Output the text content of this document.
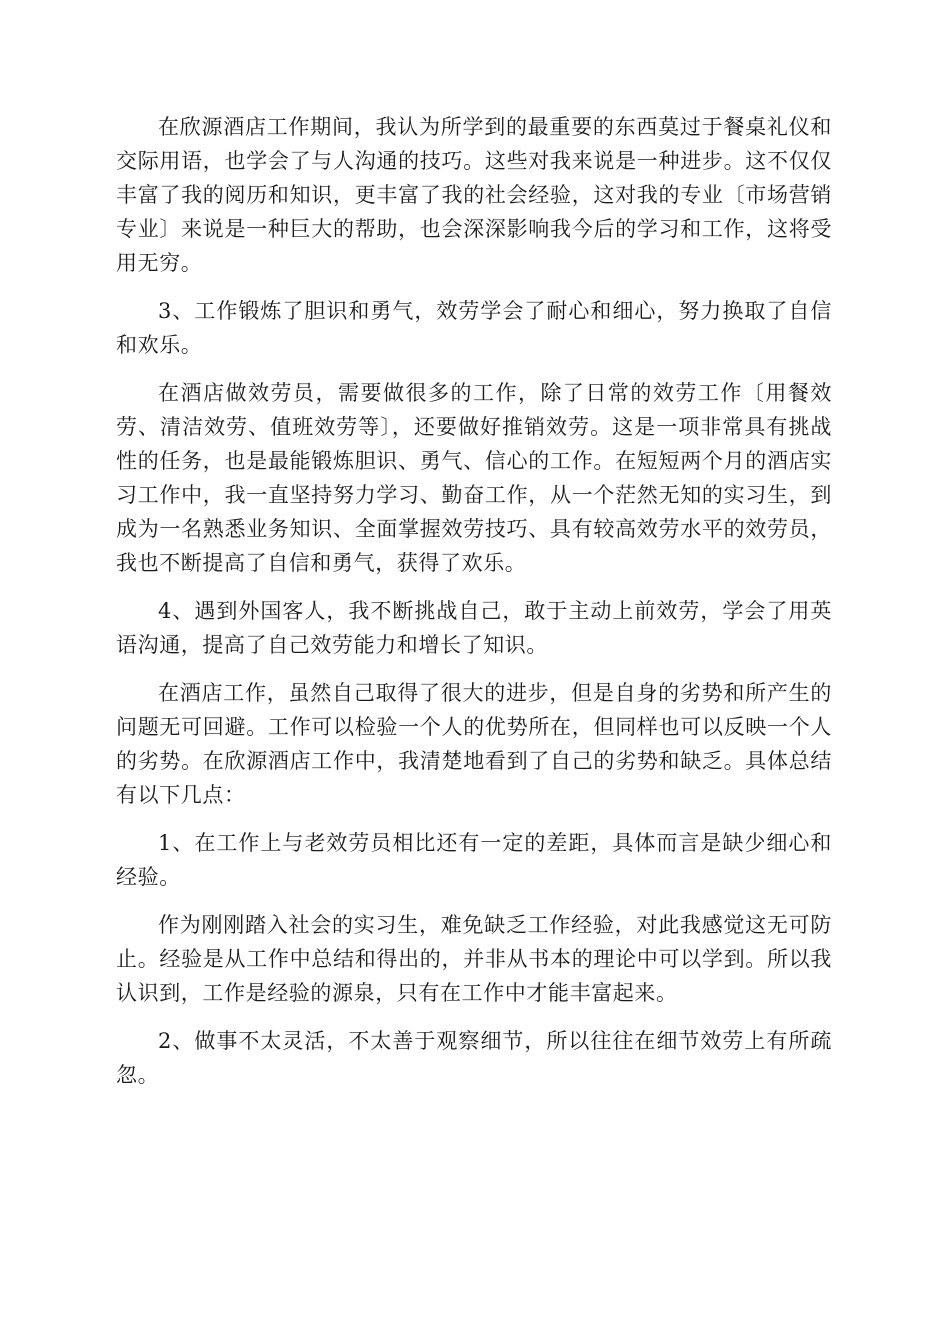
在欣源酒店工作期间，我认为所学到的最重要的东西莫过于餐桌礼仪和交际用语，也学会了与人沟通的技巧。这些对我来说是一种进步。这不仅仅丰富了我的阅历和知识，更丰富了我的社会经验，这对我的专业〔市场营销专业〕来说是一种巨大的帮助，也会深深影响我今后的学习和工作，这将受用无穷。

3、工作锻炼了胆识和勇气，效劳学会了耐心和细心，努力换取了自信和欢乐。

在酒店做效劳员，需要做很多的工作，除了日常的效劳工作〔用餐效劳、清洁效劳、值班效劳等〕，还要做好推销效劳。这是一项非常具有挑战性的任务，也是最能锻炼胆识、勇气、信心的工作。在短短两个月的酒店实习工作中，我一直坚持努力学习、勤奋工作，从一个茫然无知的实习生，到成为一名熟悉业务知识、全面掌握效劳技巧、具有较高效劳水平的效劳员，我也不断提高了自信和勇气，获得了欢乐。

4、遇到外国客人，我不断挑战自己，敢于主动上前效劳，学会了用英语沟通，提高了自己效劳能力和增长了知识。

在酒店工作，虽然自己取得了很大的进步，但是自身的劣势和所产生的问题无可回避。工作可以检验一个人的优势所在，但同样也可以反映一个人的劣势。在欣源酒店工作中，我清楚地看到了自己的劣势和缺乏。具体总结有以下几点：

1、在工作上与老效劳员相比还有一定的差距，具体而言是缺少细心和经验。

作为刚刚踏入社会的实习生，难免缺乏工作经验，对此我感觉这无可防止。经验是从工作中总结和得出的，并非从书本的理论中可以学到。所以我认识到，工作是经验的源泉，只有在工作中才能丰富起来。

2、做事不太灵活，不太善于观察细节，所以往往在细节效劳上有所疏忽。
